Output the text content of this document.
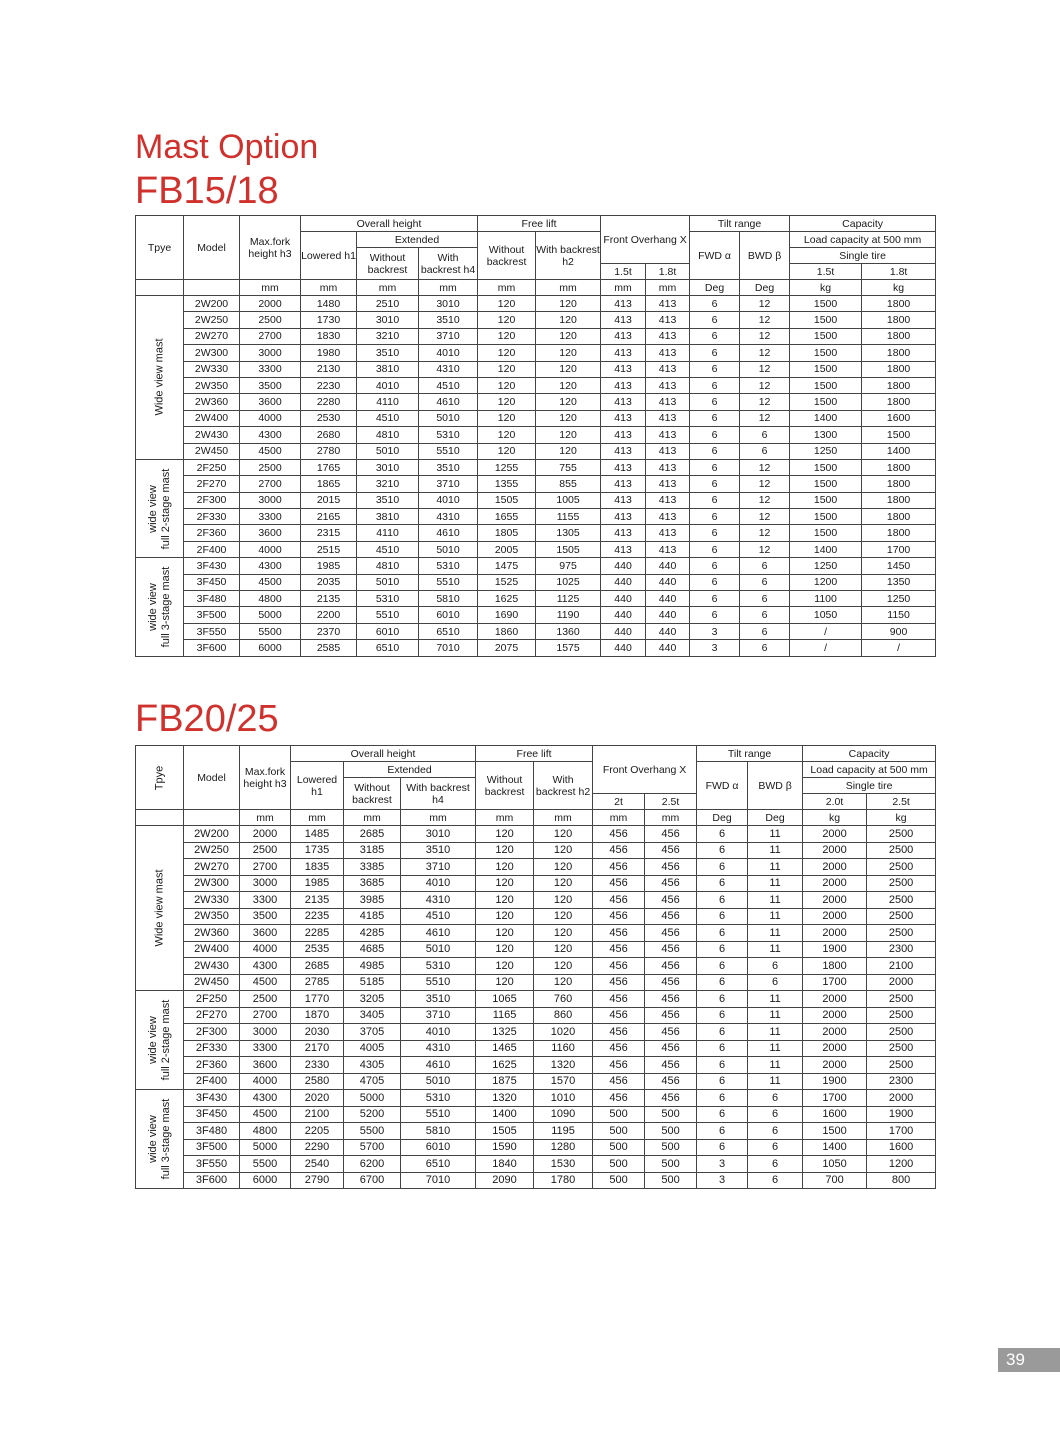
Mast Option
FB15/18
Tpye	Model	Max.fork height h3	Overall height			Free lift		Front Overhang X		Tilt range		Capacity	
			Lowered h1	Extended		Without backrest	With backrest h2			FWD α	BWD β	Load capacity at 500 mm	
				Without backrest	With backrest h4							Single tire	
								1.5t	1.8t			1.5t	1.8t
		mm	mm	mm	mm	mm	mm	mm	mm	Deg	Deg	kg	kg

Wide view mast	2W200	2000	1480	2510	3010	120	120	413	413	6	12	1500	1800
	2W250	2500	1730	3010	3510	120	120	413	413	6	12	1500	1800
	2W270	2700	1830	3210	3710	120	120	413	413	6	12	1500	1800
	2W300	3000	1980	3510	4010	120	120	413	413	6	12	1500	1800
	2W330	3300	2130	3810	4310	120	120	413	413	6	12	1500	1800
	2W350	3500	2230	4010	4510	120	120	413	413	6	12	1500	1800
	2W360	3600	2280	4110	4610	120	120	413	413	6	12	1500	1800
	2W400	4000	2530	4510	5010	120	120	413	413	6	12	1400	1600
	2W430	4300	2680	4810	5310	120	120	413	413	6	6	1300	1500
	2W450	4500	2780	5010	5510	120	120	413	413	6	6	1250	1400

wide view
full 2-stage mast	2F250	2500	1765	3010	3510	1255	755	413	413	6	12	1500	1800
	2F270	2700	1865	3210	3710	1355	855	413	413	6	12	1500	1800
	2F300	3000	2015	3510	4010	1505	1005	413	413	6	12	1500	1800
	2F330	3300	2165	3810	4310	1655	1155	413	413	6	12	1500	1800
	2F360	3600	2315	4110	4610	1805	1305	413	413	6	12	1500	1800
	2F400	4000	2515	4510	5010	2005	1505	413	413	6	12	1400	1700

wide view
full 3-stage mast	3F430	4300	1985	4810	5310	1475	975	440	440	6	6	1250	1450
	3F450	4500	2035	5010	5510	1525	1025	440	440	6	6	1200	1350
	3F480	4800	2135	5310	5810	1625	1125	440	440	6	6	1100	1250
	3F500	5000	2200	5510	6010	1690	1190	440	440	6	6	1050	1150
	3F550	5500	2370	6010	6510	1860	1360	440	440	3	6	/	900
	3F600	6000	2585	6510	7010	2075	1575	440	440	3	6	/	/
FB20/25
Tpye	Model	Max.fork height h3	Overall height			Free lift		Front Overhang X		Tilt range		Capacity	
			Lowered h1	Extended		Without backrest	With backrest h2			FWD α	BWD β	Load capacity at 500 mm	
				Without backrest	With backrest h4							Single tire	
								2t	2.5t			2.0t	2.5t
		mm	mm	mm	mm	mm	mm	mm	mm	Deg	Deg	kg	kg

Wide view mast	2W200	2000	1485	2685	3010	120	120	456	456	6	11	2000	2500
	2W250	2500	1735	3185	3510	120	120	456	456	6	11	2000	2500
	2W270	2700	1835	3385	3710	120	120	456	456	6	11	2000	2500
	2W300	3000	1985	3685	4010	120	120	456	456	6	11	2000	2500
	2W330	3300	2135	3985	4310	120	120	456	456	6	11	2000	2500
	2W350	3500	2235	4185	4510	120	120	456	456	6	11	2000	2500
	2W360	3600	2285	4285	4610	120	120	456	456	6	11	2000	2500
	2W400	4000	2535	4685	5010	120	120	456	456	6	11	1900	2300
	2W430	4300	2685	4985	5310	120	120	456	456	6	6	1800	2100
	2W450	4500	2785	5185	5510	120	120	456	456	6	6	1700	2000

wide view
full 2-stage mast	2F250	2500	1770	3205	3510	1065	760	456	456	6	11	2000	2500
	2F270	2700	1870	3405	3710	1165	860	456	456	6	11	2000	2500
	2F300	3000	2030	3705	4010	1325	1020	456	456	6	11	2000	2500
	2F330	3300	2170	4005	4310	1465	1160	456	456	6	11	2000	2500
	2F360	3600	2330	4305	4610	1625	1320	456	456	6	11	2000	2500
	2F400	4000	2580	4705	5010	1875	1570	456	456	6	11	1900	2300

wide view
full 3-stage mast	3F430	4300	2020	5000	5310	1320	1010	456	456	6	6	1700	2000
	3F450	4500	2100	5200	5510	1400	1090	500	500	6	6	1600	1900
	3F480	4800	2205	5500	5810	1505	1195	500	500	6	6	1500	1700
	3F500	5000	2290	5700	6010	1590	1280	500	500	6	6	1400	1600
	3F550	5500	2540	6200	6510	1840	1530	500	500	3	6	1050	1200
	3F600	6000	2790	6700	7010	2090	1780	500	500	3	6	700	800
39
